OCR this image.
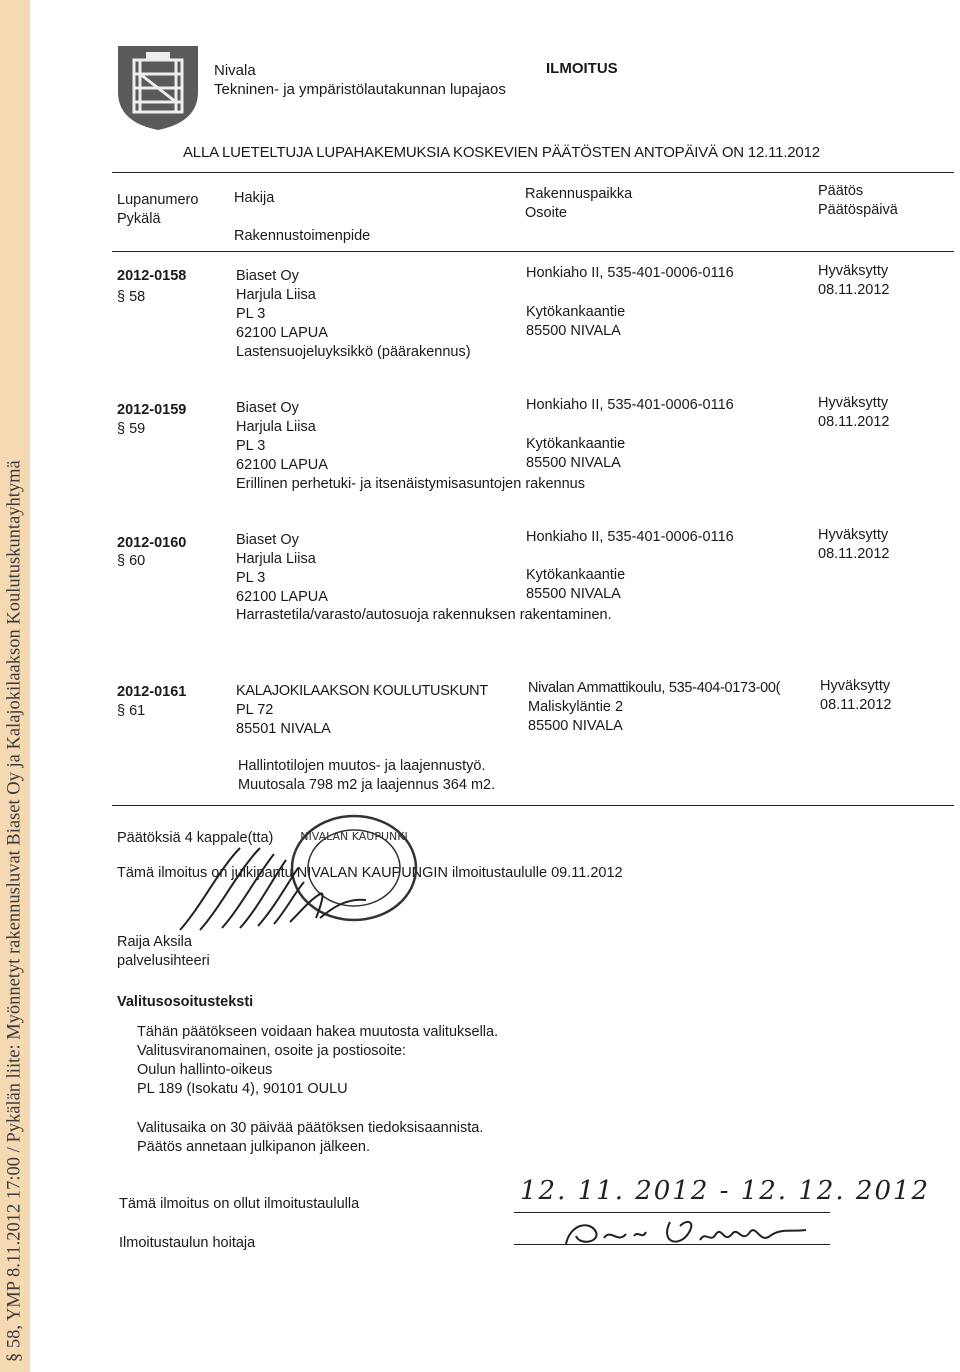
§ 58, YMP 8.11.2012 17:00 / Pykälän liite: Myönnetyt rakennusluvat Biaset Oy ja Kalajokilaakson Koulutuskuntayhtymä
Nivala
Tekninen- ja ympäristölautakunnan lupajaos
ILMOITUS
ALLA LUETELTUJA LUPAHAKEMUKSIA KOSKEVIEN PÄÄTÖSTEN ANTOPÄIVÄ ON 12.11.2012
Lupanumero
Pykälä
Hakija
Rakennustoimenpide
Rakennuspaikka
Osoite
Päätös
Päätöspäivä
2012-0158
§ 58
Biaset Oy
Harjula Liisa
PL 3
62100 LAPUA
Lastensuojeluyksikkö (päärakennus)
Honkiaho II, 535-401-0006-0116
Kytökankaantie
85500 NIVALA
Hyväksytty
08.11.2012
2012-0159
§ 59
Biaset Oy
Harjula Liisa
PL 3
62100 LAPUA
Erillinen perhetuki- ja itsenäistymisasuntojen rakennus
Honkiaho II, 535-401-0006-0116
Kytökankaantie
85500 NIVALA
Hyväksytty
08.11.2012
2012-0160
§ 60
Biaset Oy
Harjula Liisa
PL 3
62100 LAPUA
Harrastetila/varasto/autosuoja rakennuksen rakentaminen.
Honkiaho II, 535-401-0006-0116
Kytökankaantie
85500 NIVALA
Hyväksytty
08.11.2012
2012-0161
§ 61
KALAJOKILAAKSON KOULUTUSKUNT
PL 72
85501 NIVALA
Hallintotilojen muutos- ja laajennustyö.
Muutosala 798 m2 ja laajennus 364 m2.
Nivalan Ammattikoulu, 535-404-0173-00(
Maliskyläntie 2
85500 NIVALA
Hyväksytty
08.11.2012
Päätöksiä 4 kappale(tta)
Tämä ilmoitus on julkipantu NIVALAN KAUPUNGIN ilmoitustaululle 09.11.2012
NIVALAN KAUPUNKI
Raija Aksila
palvelusihteeri
Valitusosoitusteksti
Tähän päätökseen voidaan hakea muutosta valituksella.
Valitusviranomainen, osoite ja postiosoite:
Oulun hallinto-oikeus
PL 189 (Isokatu 4), 90101 OULU
Valitusaika on 30 päivää päätöksen tiedoksisaannista.
Päätös annetaan julkipanon jälkeen.
Tämä ilmoitus on ollut ilmoitustaululla
Ilmoitustaulun hoitaja
12. 11. 2012 - 12. 12. 2012
